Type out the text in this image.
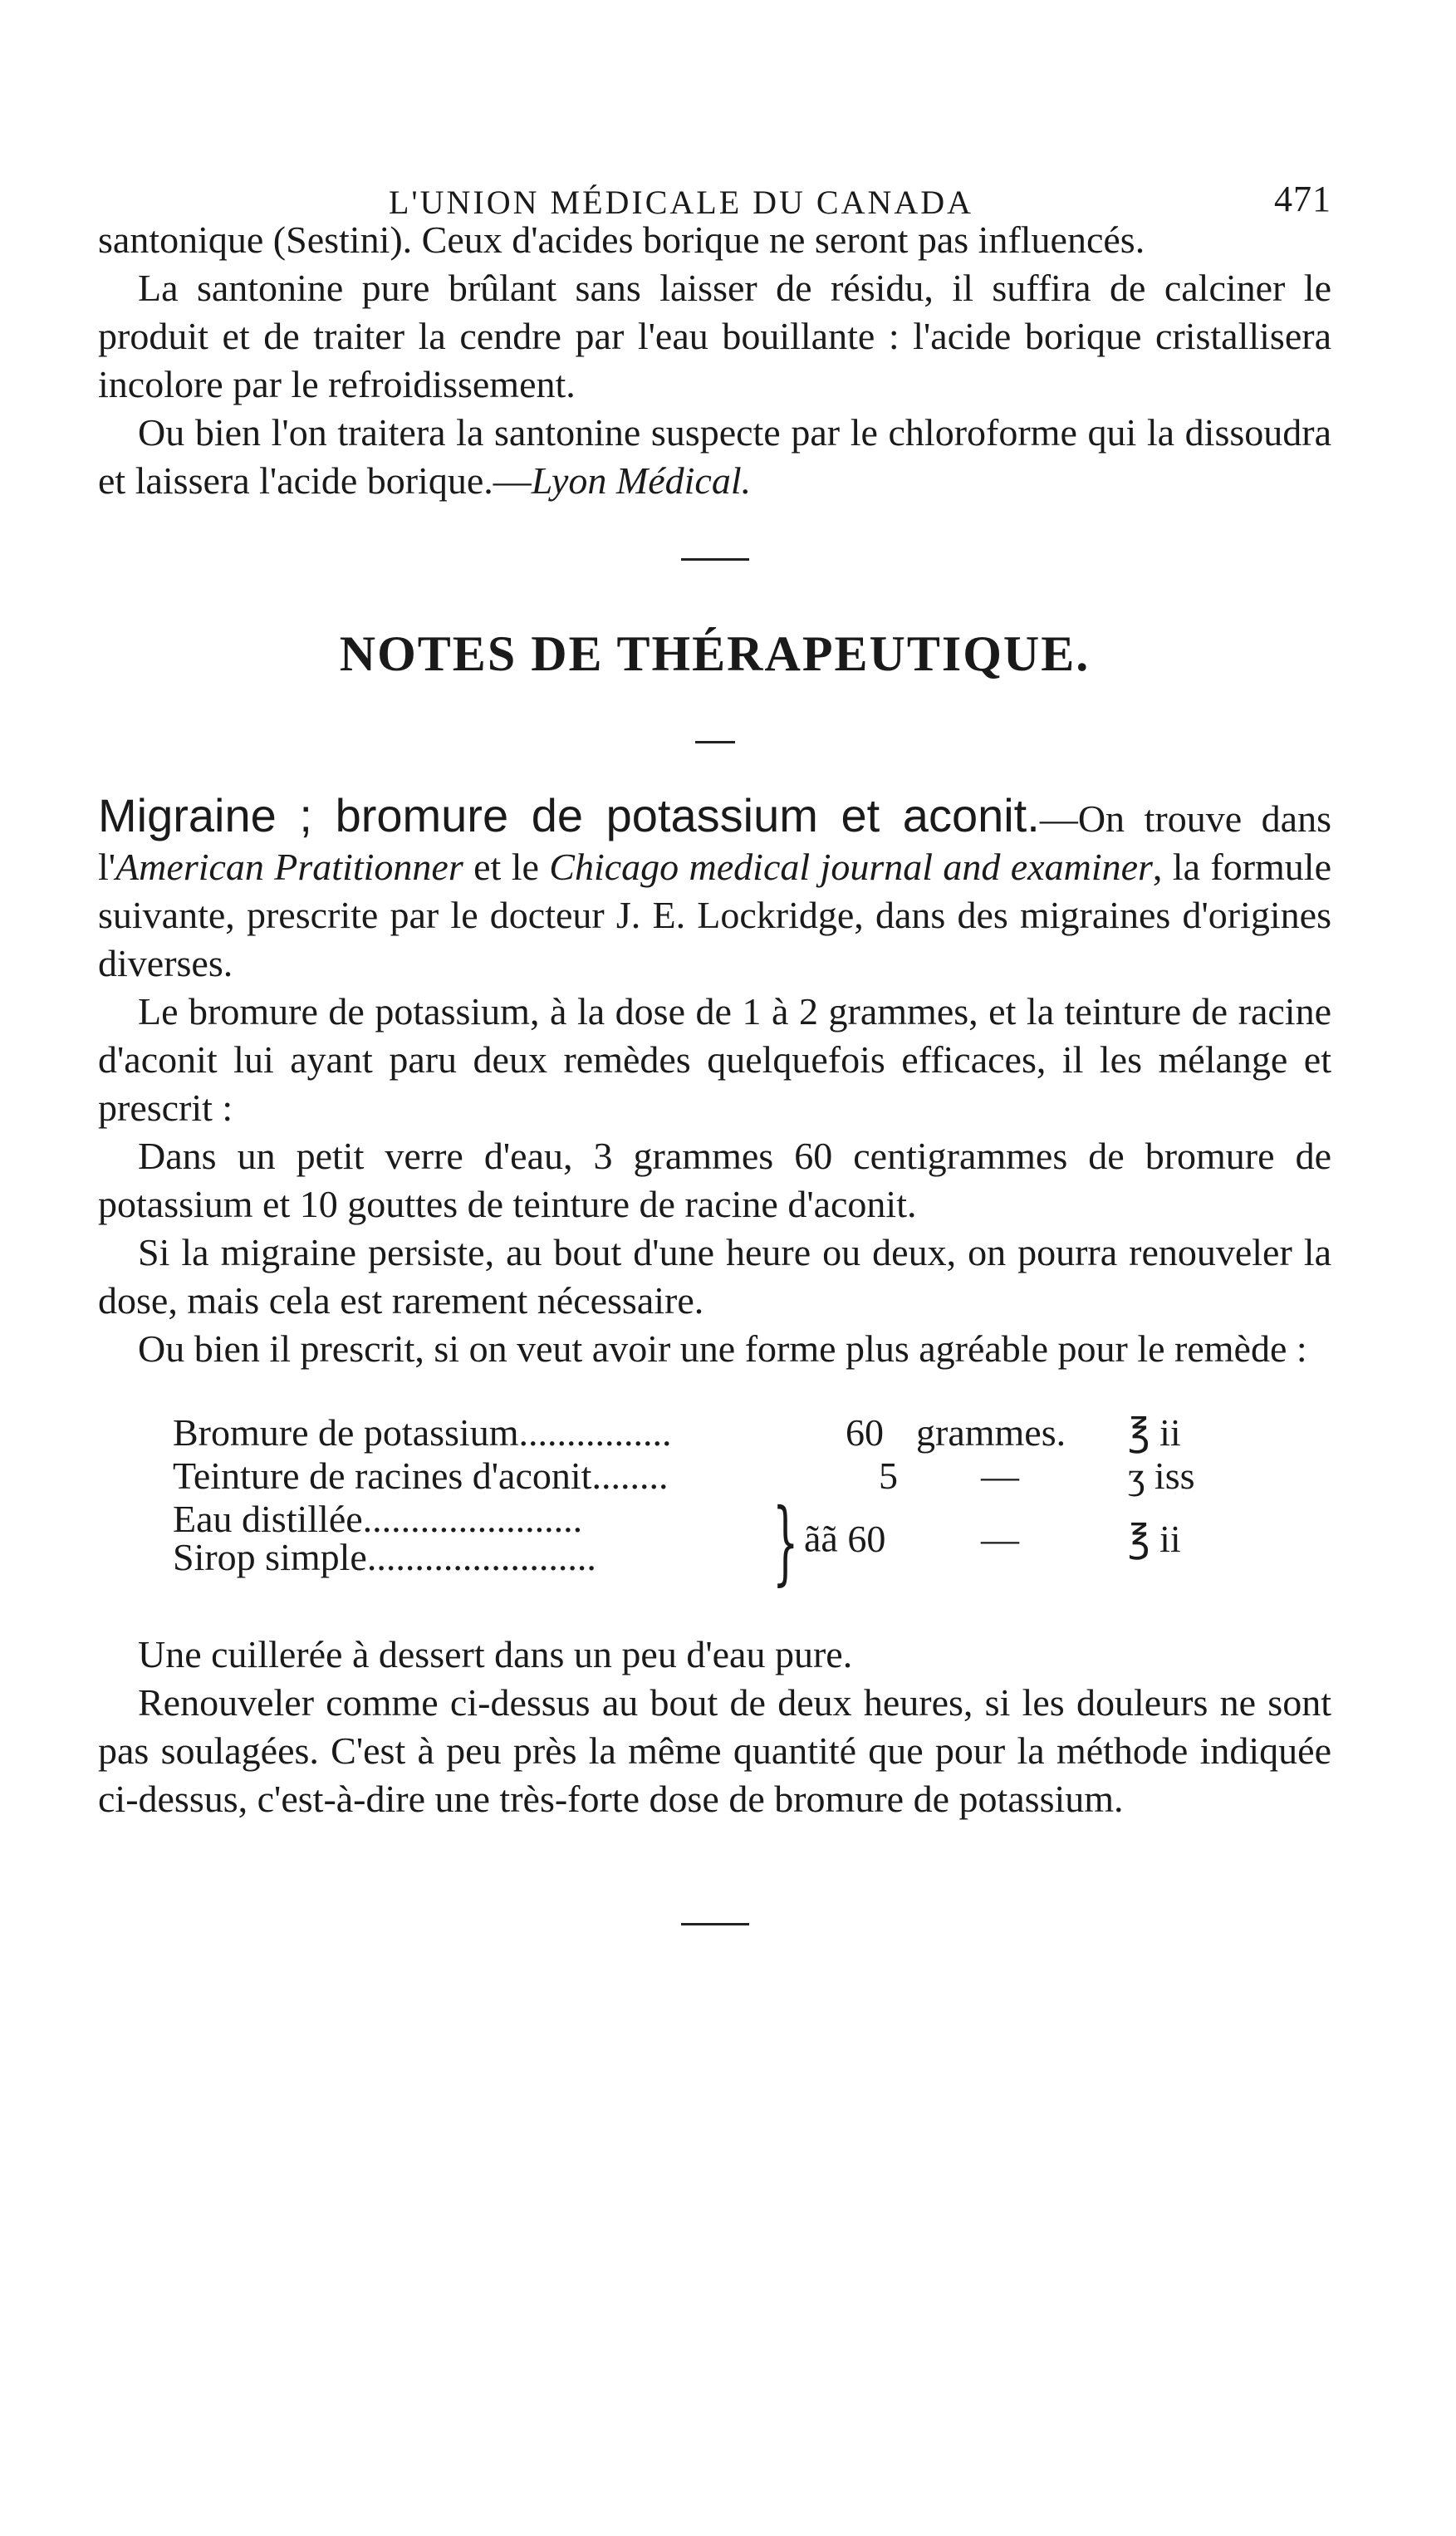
L'UNION MÉDICALE DU CANADA	471

santonique (Sestini). Ceux d'acides borique ne seront pas influencés.

La santonine pure brûlant sans laisser de résidu, il suffira de calciner le produit et de traiter la cendre par l'eau bouillante : l'acide borique cristallisera incolore par le refroidissement.

Ou bien l'on traitera la santonine suspecte par le chloroforme qui la dissoudra et laissera l'acide borique.—Lyon Médical.

NOTES DE THÉRAPEUTIQUE.

Migraine ; bromure de potassium et aconit.—On trouve dans l'American Pratitionner et le Chicago medical journal and examiner, la formule suivante, prescrite par le docteur J. E. Lockridge, dans des migraines d'origines diverses.

Le bromure de potassium, à la dose de 1 à 2 grammes, et la teinture de racine d'aconit lui ayant paru deux remèdes quelquefois efficaces, il les mélange et prescrit :

Dans un petit verre d'eau, 3 grammes 60 centigrammes de bromure de potassium et 10 gouttes de teinture de racine d'aconit.

Si la migraine persiste, au bout d'une heure ou deux, on pourra renouveler la dose, mais cela est rarement nécessaire.

Ou bien il prescrit, si on veut avoir une forme plus agréable pour le remède :

Bromure de potassium................	60 grammes. ℥ ii
Teinture de racines d'aconit........	5 —	ʒ iss
Eau distillée.......................
Sirop simple........................ } ãã 60 —	℥ ii

Une cuillerée à dessert dans un peu d'eau pure.

Renouveler comme ci-dessus au bout de deux heures, si les douleurs ne sont pas soulagées. C'est à peu près la même quantité que pour la méthode indiquée ci-dessus, c'est-à-dire une très-forte dose de bromure de potassium.
